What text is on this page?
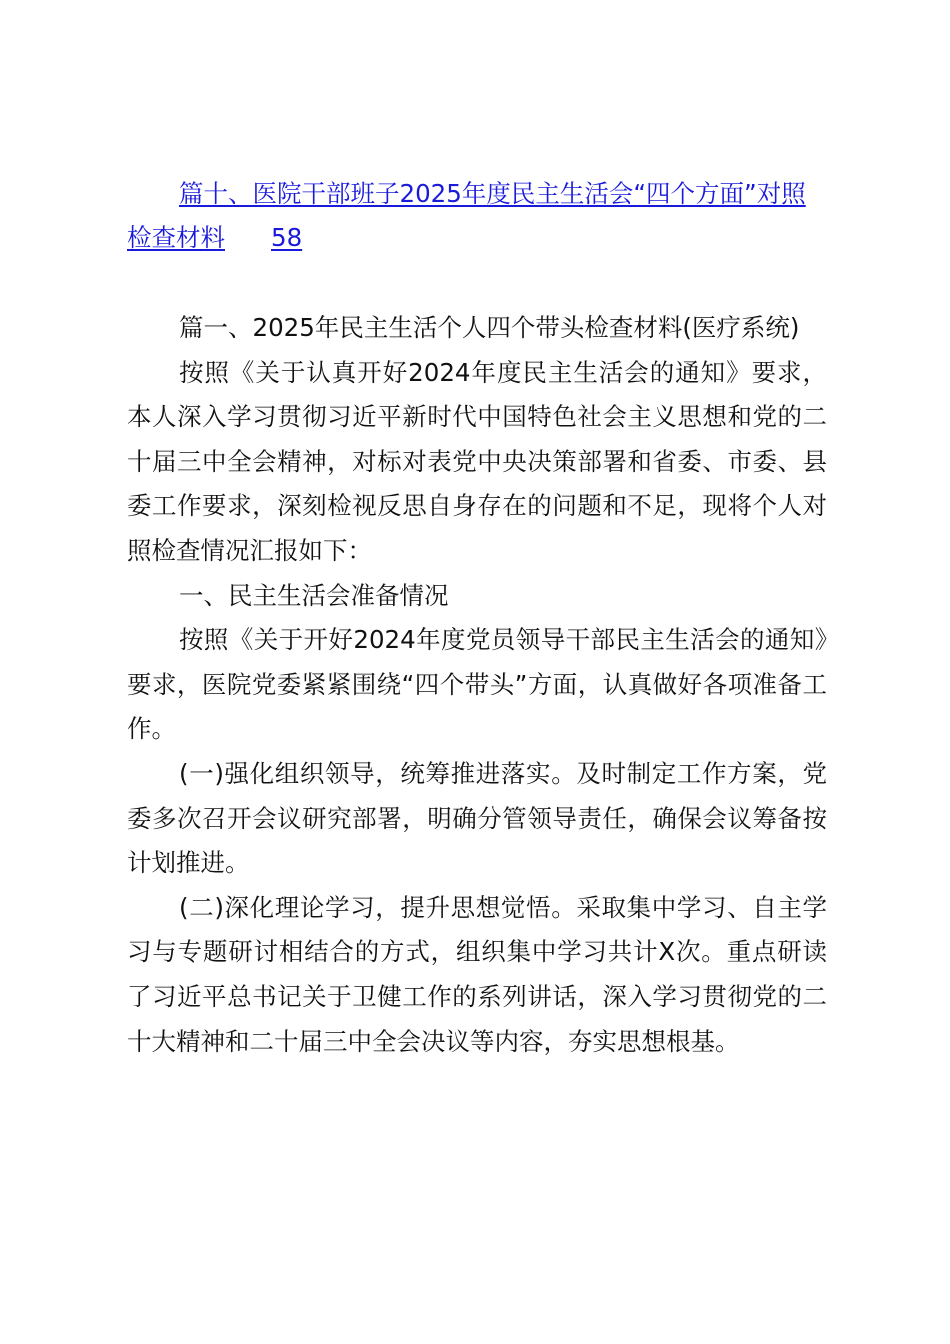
篇十、医院干部班子2025年度民主生活会“四个方面”对照检查材料 58

篇一、2025年民主生活个人四个带头检查材料(医疗系统)

按照《关于认真开好2024年度民主生活会的通知》要求，本人深入学习贯彻习近平新时代中国特色社会主义思想和党的二十届三中全会精神，对标对表党中央决策部署和省委、市委、县委工作要求，深刻检视反思自身存在的问题和不足，现将个人对照检查情况汇报如下：

一、民主生活会准备情况

按照《关于开好2024年度党员领导干部民主生活会的通知》要求，医院党委紧紧围绕“四个带头”方面，认真做好各项准备工作。

(一)强化组织领导，统筹推进落实。及时制定工作方案，党委多次召开会议研究部署，明确分管领导责任，确保会议筹备按计划推进。

(二)深化理论学习，提升思想觉悟。采取集中学习、自主学习与专题研讨相结合的方式，组织集中学习共计X次。重点研读了习近平总书记关于卫健工作的系列讲话，深入学习贯彻党的二十大精神和二十届三中全会决议等内容，夯实思想根基。
